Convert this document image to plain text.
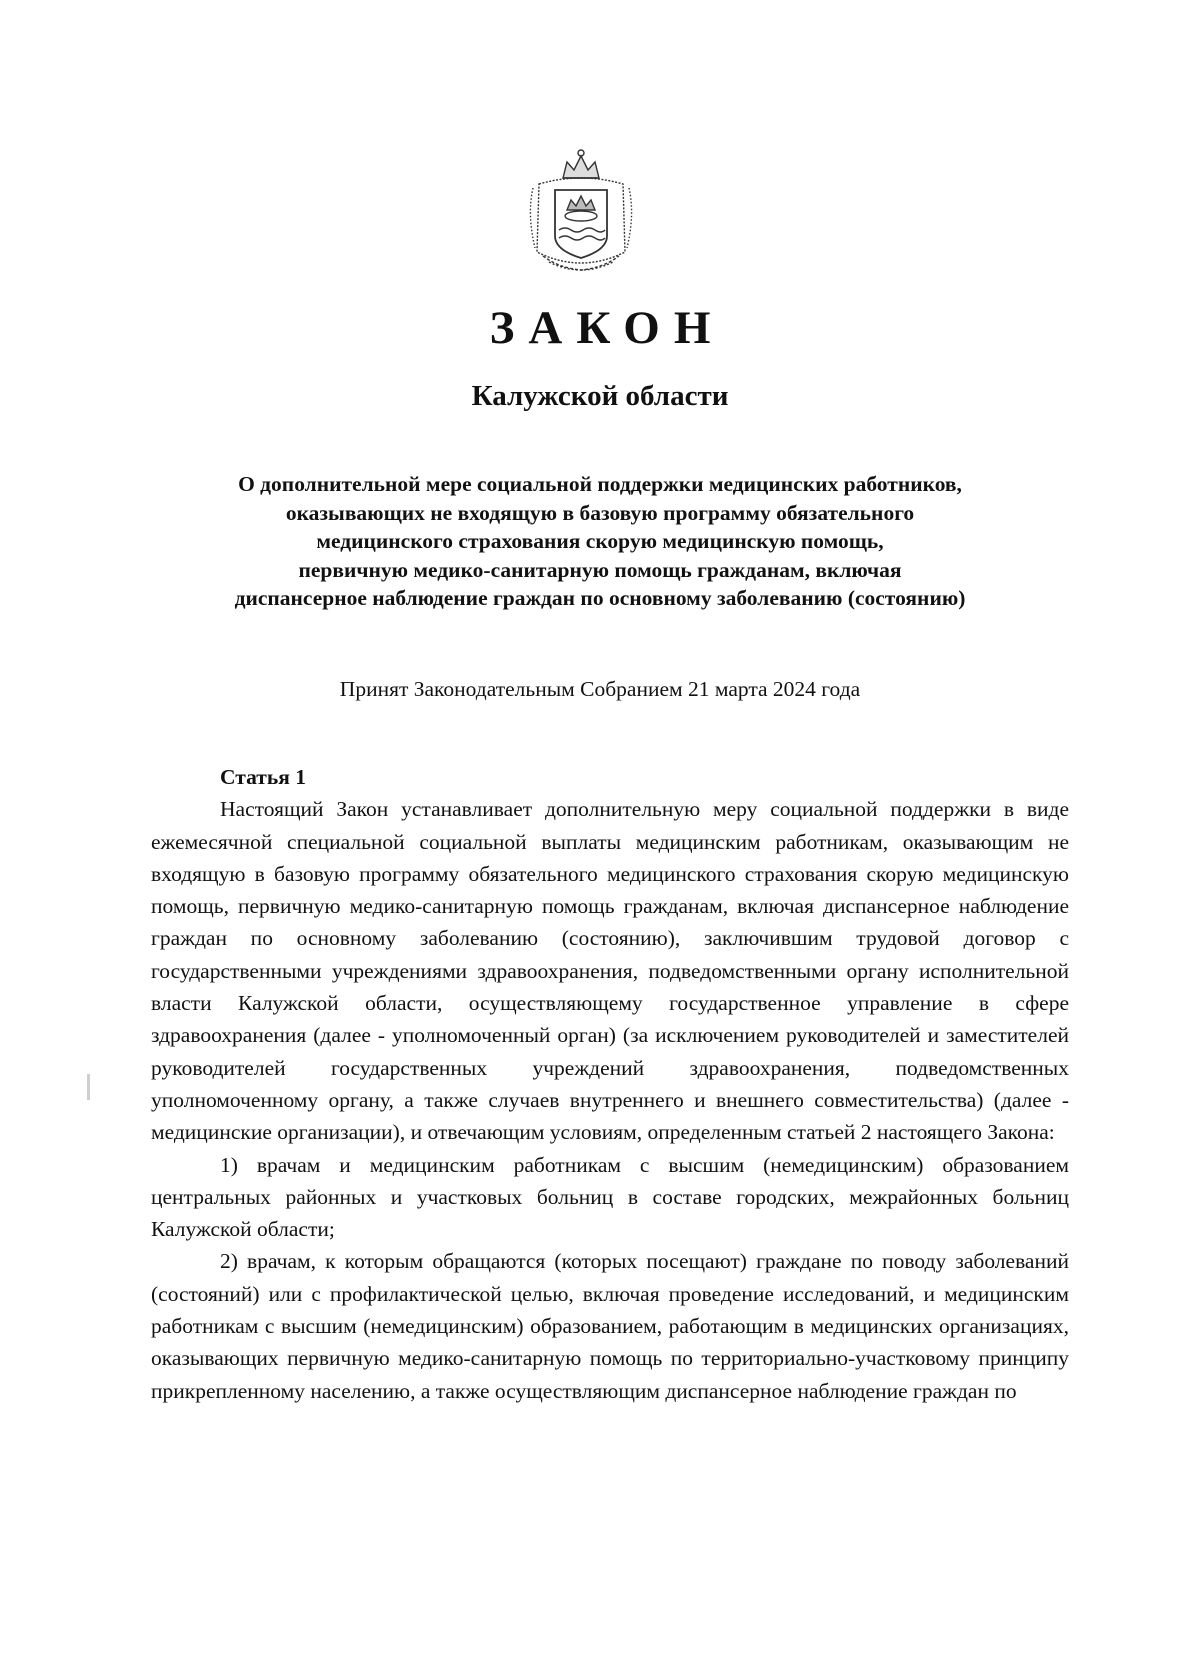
ЗАКОН
Калужской области
О дополнительной мере социальной поддержки медицинских работников,
оказывающих не входящую в базовую программу обязательного
медицинского страхования скорую медицинскую помощь,
первичную медико-санитарную помощь гражданам, включая
диспансерное наблюдение граждан по основному заболеванию (состоянию)
Принят Законодательным Собранием 21 марта 2024 года

Статья 1

Настоящий Закон устанавливает дополнительную меру социальной поддержки в виде ежемесячной специальной социальной выплаты медицинским работникам, оказывающим не входящую в базовую программу обязательного медицинского страхования скорую медицинскую помощь, первичную медико-санитарную помощь гражданам, включая диспансерное наблюдение граждан по основному заболеванию (состоянию), заключившим трудовой договор с государственными учреждениями здравоохранения, подведомственными органу исполнительной власти Калужской области, осуществляющему государственное управление в сфере здравоохранения (далее - уполномоченный орган) (за исключением руководителей и заместителей руководителей государственных учреждений здравоохранения, подведомственных уполномоченному органу, а также случаев внутреннего и внешнего совместительства) (далее - медицинские организации), и отвечающим условиям, определенным статьей 2 настоящего Закона:

1) врачам и медицинским работникам с высшим (немедицинским) образованием центральных районных и участковых больниц в составе городских, межрайонных больниц Калужской области;

2) врачам, к которым обращаются (которых посещают) граждане по поводу заболеваний (состояний) или с профилактической целью, включая проведение исследований, и медицинским работникам с высшим (немедицинским) образованием, работающим в медицинских организациях, оказывающих первичную медико-санитарную помощь по территориально-участковому принципу прикрепленному населению, а также осуществляющим диспансерное наблюдение граждан по
